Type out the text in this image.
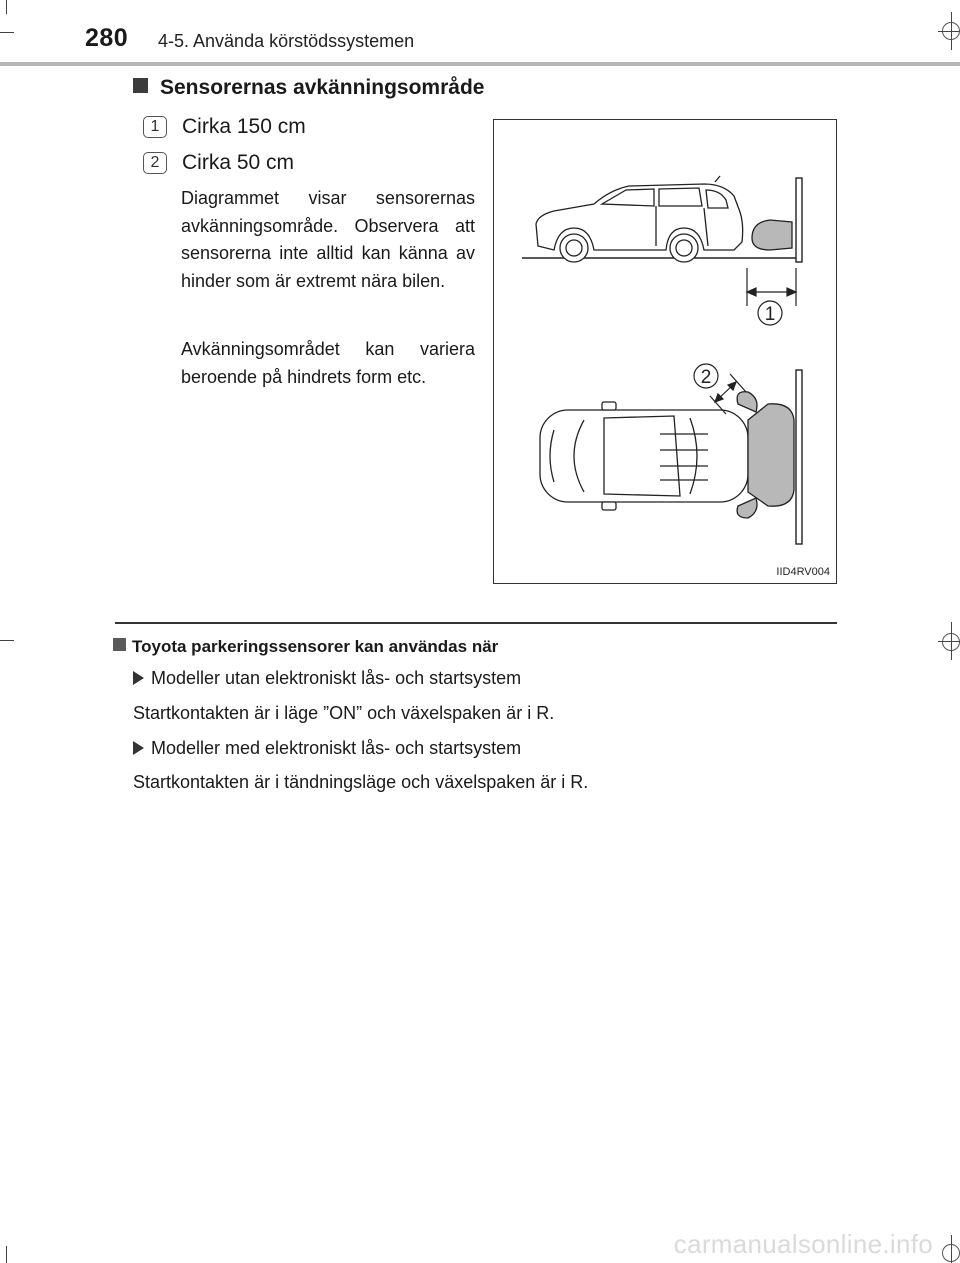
280 4-5. Använda körstödssystemen
Sensorernas avkänningsområde
1	Cirka 150 cm
2	Cirka 50 cm
Diagrammet visar sensorernas avkänningsområde. Observera att sensorerna inte alltid kan känna av hinder som är extremt nära bilen.
Avkänningsområdet kan variera beroende på hindrets form etc.
1
2
IID4RV004
Toyota parkeringssensorer kan användas när
Modeller utan elektroniskt lås- och startsystem
Startkontakten är i läge ”ON” och växelspaken är i R.
Modeller med elektroniskt lås- och startsystem
Startkontakten är i tändningsläge och växelspaken är i R.
carmanualsonline.info
